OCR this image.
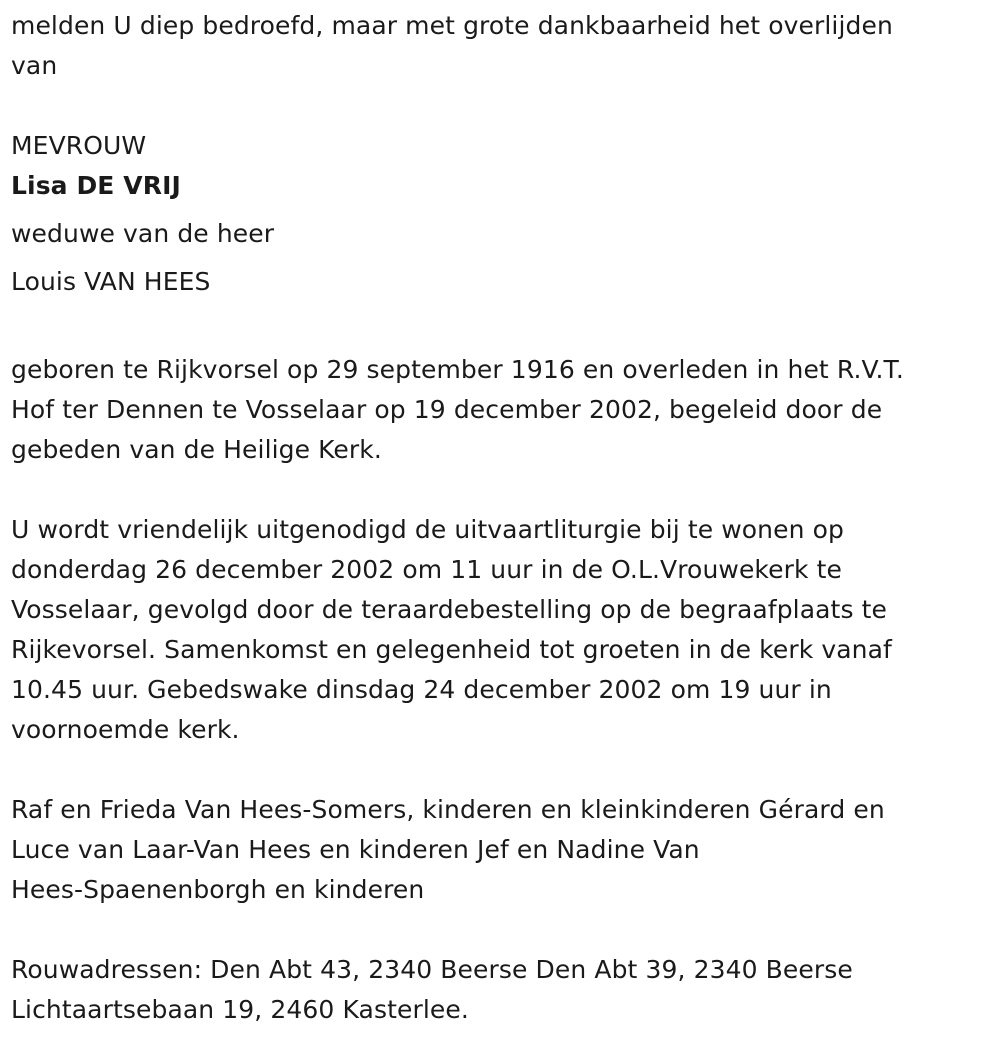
melden U diep bedroefd, maar met grote dankbaarheid het overlijden
van
MEVROUW
Lisa DE VRIJ
weduwe van de heer
Louis VAN HEES
geboren te Rijkvorsel op 29 september 1916 en overleden in het R.V.T.
Hof ter Dennen te Vosselaar op 19 december 2002, begeleid door de
gebeden van de Heilige Kerk.
U wordt vriendelijk uitgenodigd de uitvaartliturgie bij te wonen op
donderdag 26 december 2002 om 11 uur in de O.L.Vrouwekerk te
Vosselaar, gevolgd door de teraardebestelling op de begraafplaats te
Rijkevorsel. Samenkomst en gelegenheid tot groeten in de kerk vanaf
10.45 uur. Gebedswake dinsdag 24 december 2002 om 19 uur in
voornoemde kerk.
Raf en Frieda Van Hees-Somers, kinderen en kleinkinderen Gérard en
Luce van Laar-Van Hees en kinderen Jef en Nadine Van
Hees-Spaenenborgh en kinderen
Rouwadressen: Den Abt 43, 2340 Beerse Den Abt 39, 2340 Beerse
Lichtaartsebaan 19, 2460 Kasterlee.
